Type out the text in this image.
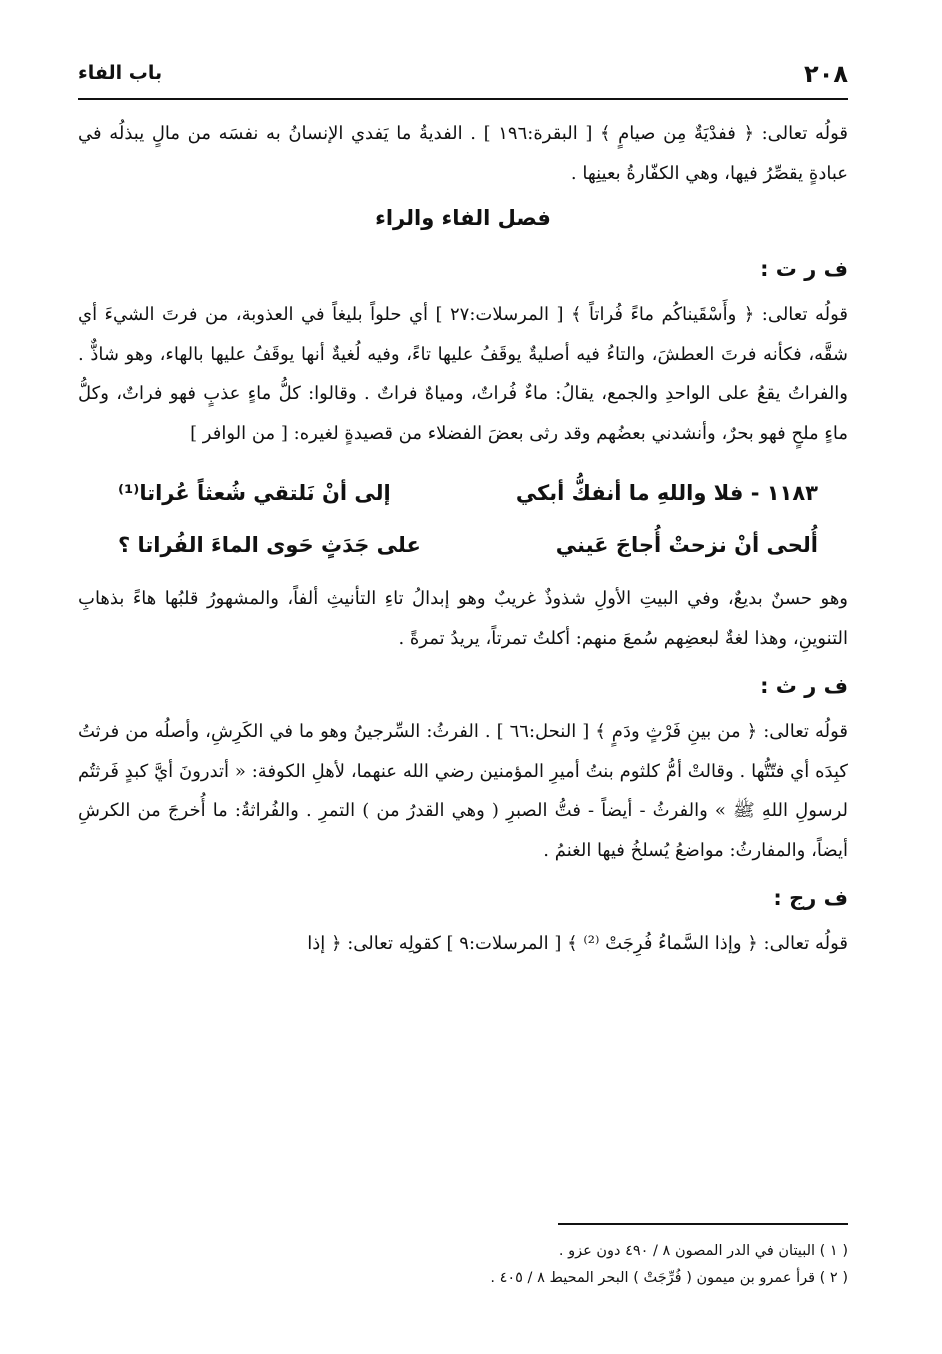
٢٠٨
باب الفاء

قولُه تعالى: ﴿ ففدْيَةٌ مِن صيامٍ ﴾ [ البقرة:١٩٦ ] . الفديةُ ما يَفدي الإنسانُ به نفسَه من مالٍ يبذلُه في عبادةٍ يقصِّرُ فيها، وهي الكفّارةُ بعينِها .

فصل الفاء والراء
ف ر ت :

قولُه تعالى: ﴿ وأَسْقَيناكُم ماءً فُراتاً ﴾ [ المرسلات:٢٧ ] أي حلواً بليغاً في العذوبة، من فرتَ الشيءَ أي شقَّه، فكأنه فرتَ العطشَ، والتاءُ فيه أصليةٌ يوقَفُ عليها تاءً، وفيه لُغيةٌ أنها يوقَفُ عليها بالهاء، وهو شاذٌّ . والفراتُ يقعُ على الواحدِ والجمع، يقالُ: ماءٌ فُراتٌ، ومياهٌ فراتٌ . وقالوا: كلُّ ماءٍ عذبٍ فهو فراتٌ، وكلُّ ماءٍ ملحٍ فهو بحرٌ، وأنشدني بعضُهم وقد رثى بعضَ الفضلاء من قصيدةٍ لغيره: [ من الوافر ]

١١٨٣ - فلا واللهِ ما أنفكُّ أبكي
إلى أنْ نَلتقي شُعثاً عُراتا⁽¹⁾
أُلحى أنْ نزحتْ أُجاجَ عَيني
على جَدَثٍ حَوى الماءَ الفُراتا ؟

وهو حسنٌ بديعٌ، وفي البيتِ الأولِ شذوذٌ غريبٌ وهو إبدالُ تاءِ التأنيثِ ألفاً، والمشهورُ قلبُها هاءً بذهابِ التنوينِ، وهذا لغةٌ لبعضِهم سُمعَ منهم: أكلتُ تمرتاً، يريدُ تمرةً .

ف ر ث :

قولُه تعالى: ﴿ من بينِ فَرْثٍ ودَمٍ ﴾ [ النحل:٦٦ ] . الفرثُ: السِّرجينُ وهو ما في الكَرِشِ، وأصلُه من فرثتُ كبِدَه أي فتّتُّها . وقالتْ أمُّ كلثوم بنتُ أميرِ المؤمنين رضي الله عنهما، لأهلِ الكوفة: « أتدرونَ أيَّ كبدٍ فَرثتُم لرسولِ اللهِ ﷺ » والفرثُ - أيضاً - فتُّ الصبرِ ( وهي القدرُ من ) التمرِ . والفُراثةُ: ما أُخرجَ من الكرشِ أيضاً، والمفارثُ: مواضعُ يُسلخُ فيها الغنمُ .

ف رج :

قولُه تعالى: ﴿ وإذا السَّماءُ فُرِجَتْ ⁽²⁾ ﴾ [ المرسلات:٩ ] كقولِه تعالى: ﴿ إذا

( ١ ) البيتان في الدر المصون ٨ / ٤٩٠ دون عزو .

( ٢ ) قرأ عمرو بن ميمون ( فُرِّجَتْ ) البحر المحيط ٨ / ٤٠٥ .
